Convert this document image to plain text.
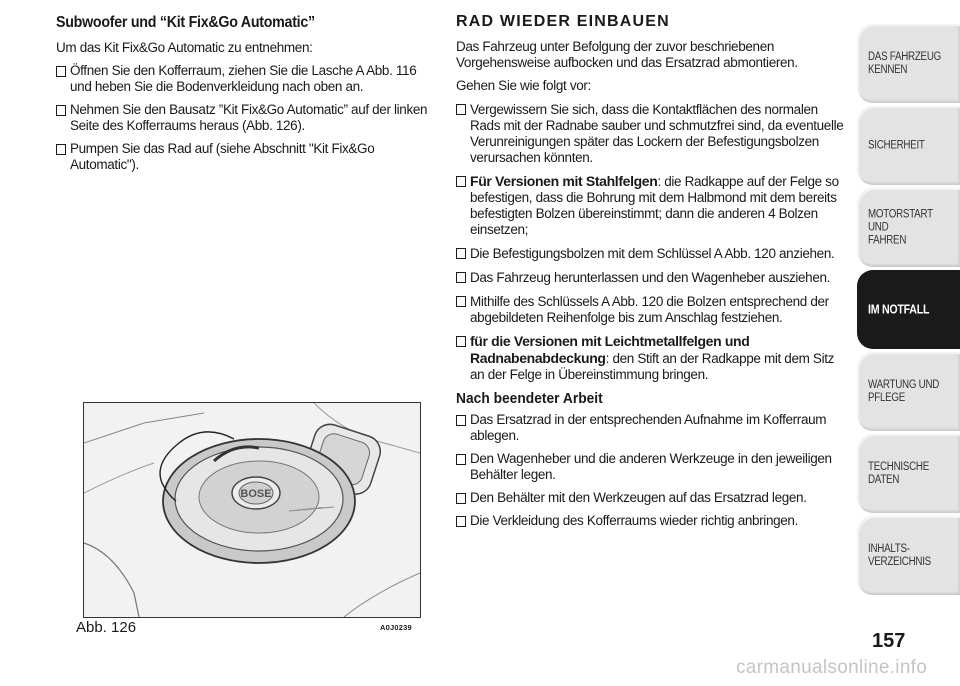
Subwoofer und “Kit Fix&Go Automatic”

Um das Kit Fix&Go Automatic zu entnehmen:

Öffnen Sie den Kofferraum, ziehen Sie die Lasche A Abb. 116 und heben Sie die Bodenverkleidung nach oben an.
Nehmen Sie den Bausatz ”Kit Fix&Go Automatic” auf der linken Seite des Kofferraums heraus (Abb. 126).
Pumpen Sie das Rad auf (siehe Abschnitt "Kit Fix&Go Automatic").
BOSE
~~~~~
Abb. 126	A0J0239
RAD WIEDER EINBAUEN

Das Fahrzeug unter Befolgung der zuvor beschriebenen Vorgehensweise aufbocken und das Ersatzrad abmontieren.

Gehen Sie wie folgt vor:

Vergewissern Sie sich, dass die Kontaktflächen des normalen Rads mit der Radnabe sauber und schmutzfrei sind, da eventuelle Verunreinigungen später das Lockern der Befestigungsbolzen verursachen könnten.
Für Versionen mit Stahlfelgen: die Radkappe auf der Felge so befestigen, dass die Bohrung mit dem Halbmond mit dem bereits befestigten Bolzen übereinstimmt; dann die anderen 4 Bolzen einsetzen;
Die Befestigungsbolzen mit dem Schlüssel A Abb. 120 anziehen.
Das Fahrzeug herunterlassen und den Wagenheber ausziehen.
Mithilfe des Schlüssels A Abb. 120 die Bolzen entsprechend der abgebildeten Reihenfolge bis zum Anschlag festziehen.
für die Versionen mit Leichtmetallfelgen und Radnabenabdeckung: den Stift an der Radkappe mit dem Sitz an der Felge in Übereinstimmung bringen.
Nach beendeter Arbeit
Das Ersatzrad in der entsprechenden Aufnahme im Kofferraum ablegen.
Den Wagenheber und die anderen Werkzeuge in den jeweiligen Behälter legen.
Den Behälter mit den Werkzeugen auf das Ersatzrad legen.
Die Verkleidung des Kofferraums wieder richtig anbringen.
DAS FAHRZEUG
KENNEN
SICHERHEIT
MOTORSTART UND
FAHREN
IM NOTFALL
WARTUNG UND
PFLEGE
TECHNISCHE DATEN
INHALTS-
VERZEICHNIS
157
carmanualsonline.info
